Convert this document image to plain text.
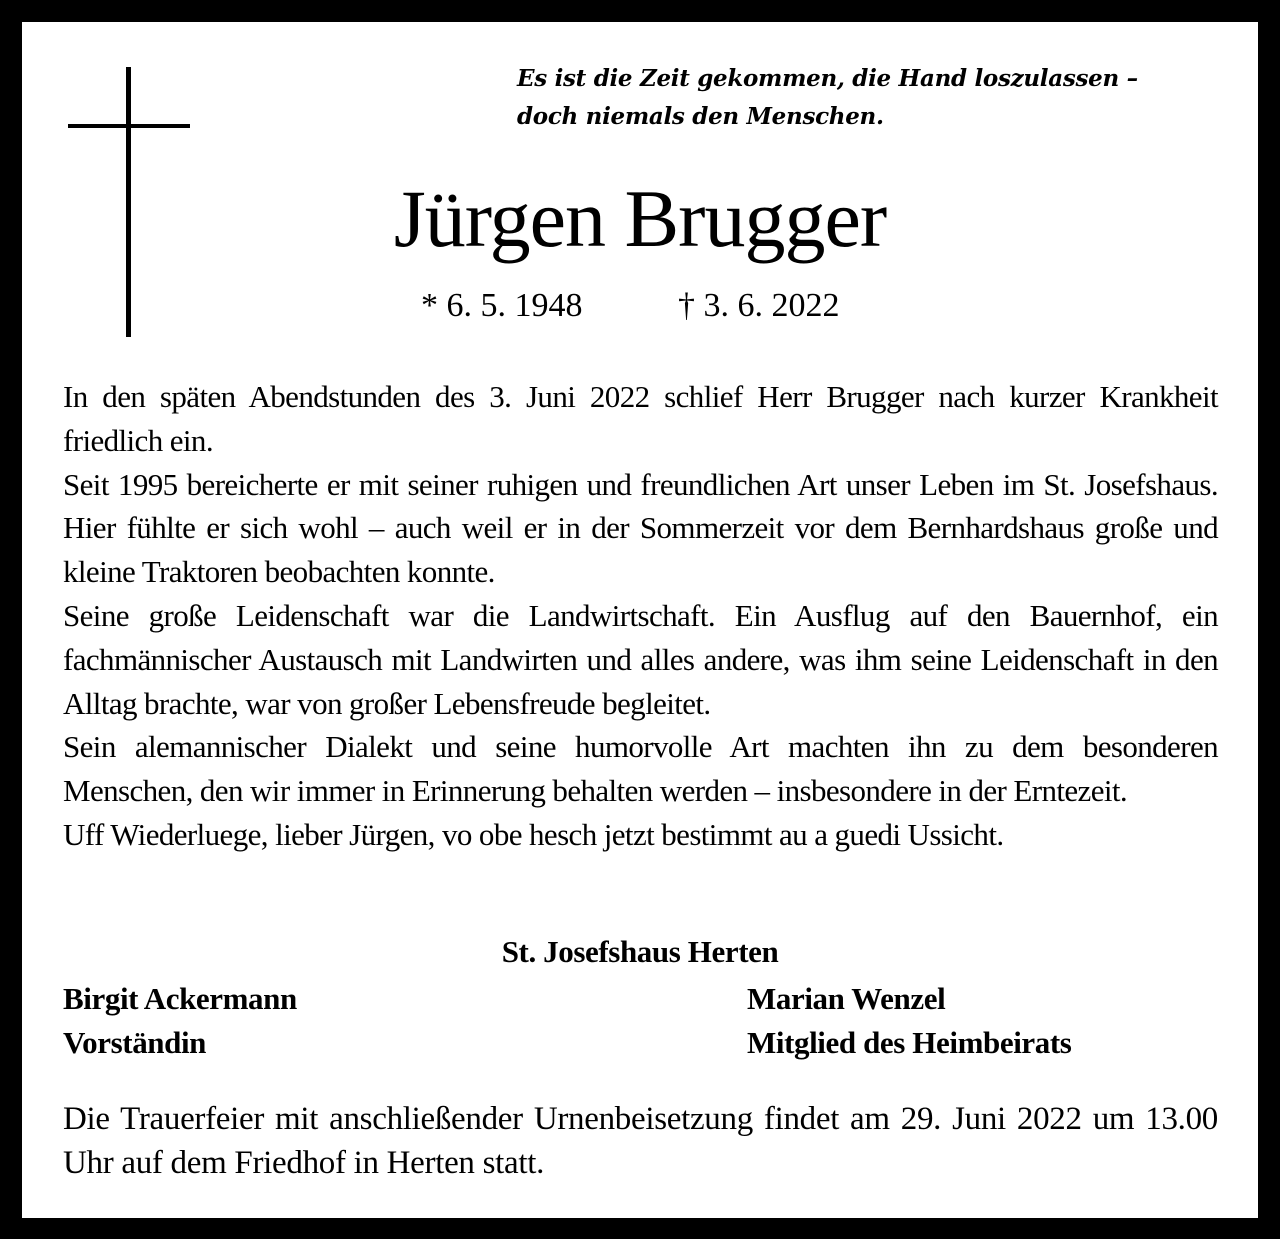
Es ist die Zeit gekommen, die Hand loszulassen –
doch niemals den Menschen.
Jürgen Brugger
* 6. 5. 1948	† 3. 6. 2022

In den späten Abendstunden des 3. Juni 2022 schlief Herr Brugger nach kurzer Krankheit friedlich ein.

Seit 1995 bereicherte er mit seiner ruhigen und freundlichen Art unser Leben im St. Josefshaus. Hier fühlte er sich wohl – auch weil er in der Sommerzeit vor dem Bernhardshaus große und kleine Traktoren beobachten konnte.

Seine große Leidenschaft war die Landwirtschaft. Ein Ausflug auf den Bauernhof, ein fachmännischer Austausch mit Landwirten und alles andere, was ihm seine Leidenschaft in den Alltag brachte, war von großer Lebensfreude begleitet.

Sein alemannischer Dialekt und seine humorvolle Art machten ihn zu dem besonderen Menschen, den wir immer in Erinnerung behalten werden – insbesondere in der Erntezeit.

Uff Wiederluege, lieber Jürgen, vo obe hesch jetzt bestimmt au a guedi Ussicht.

St. Josefshaus Herten
Birgit Ackermann
Vorständin
Marian Wenzel
Mitglied des Heimbeirats

Die Trauerfeier mit anschließender Urnenbeisetzung findet am 29. Juni 2022 um 13.00 Uhr auf dem Friedhof in Herten statt.
